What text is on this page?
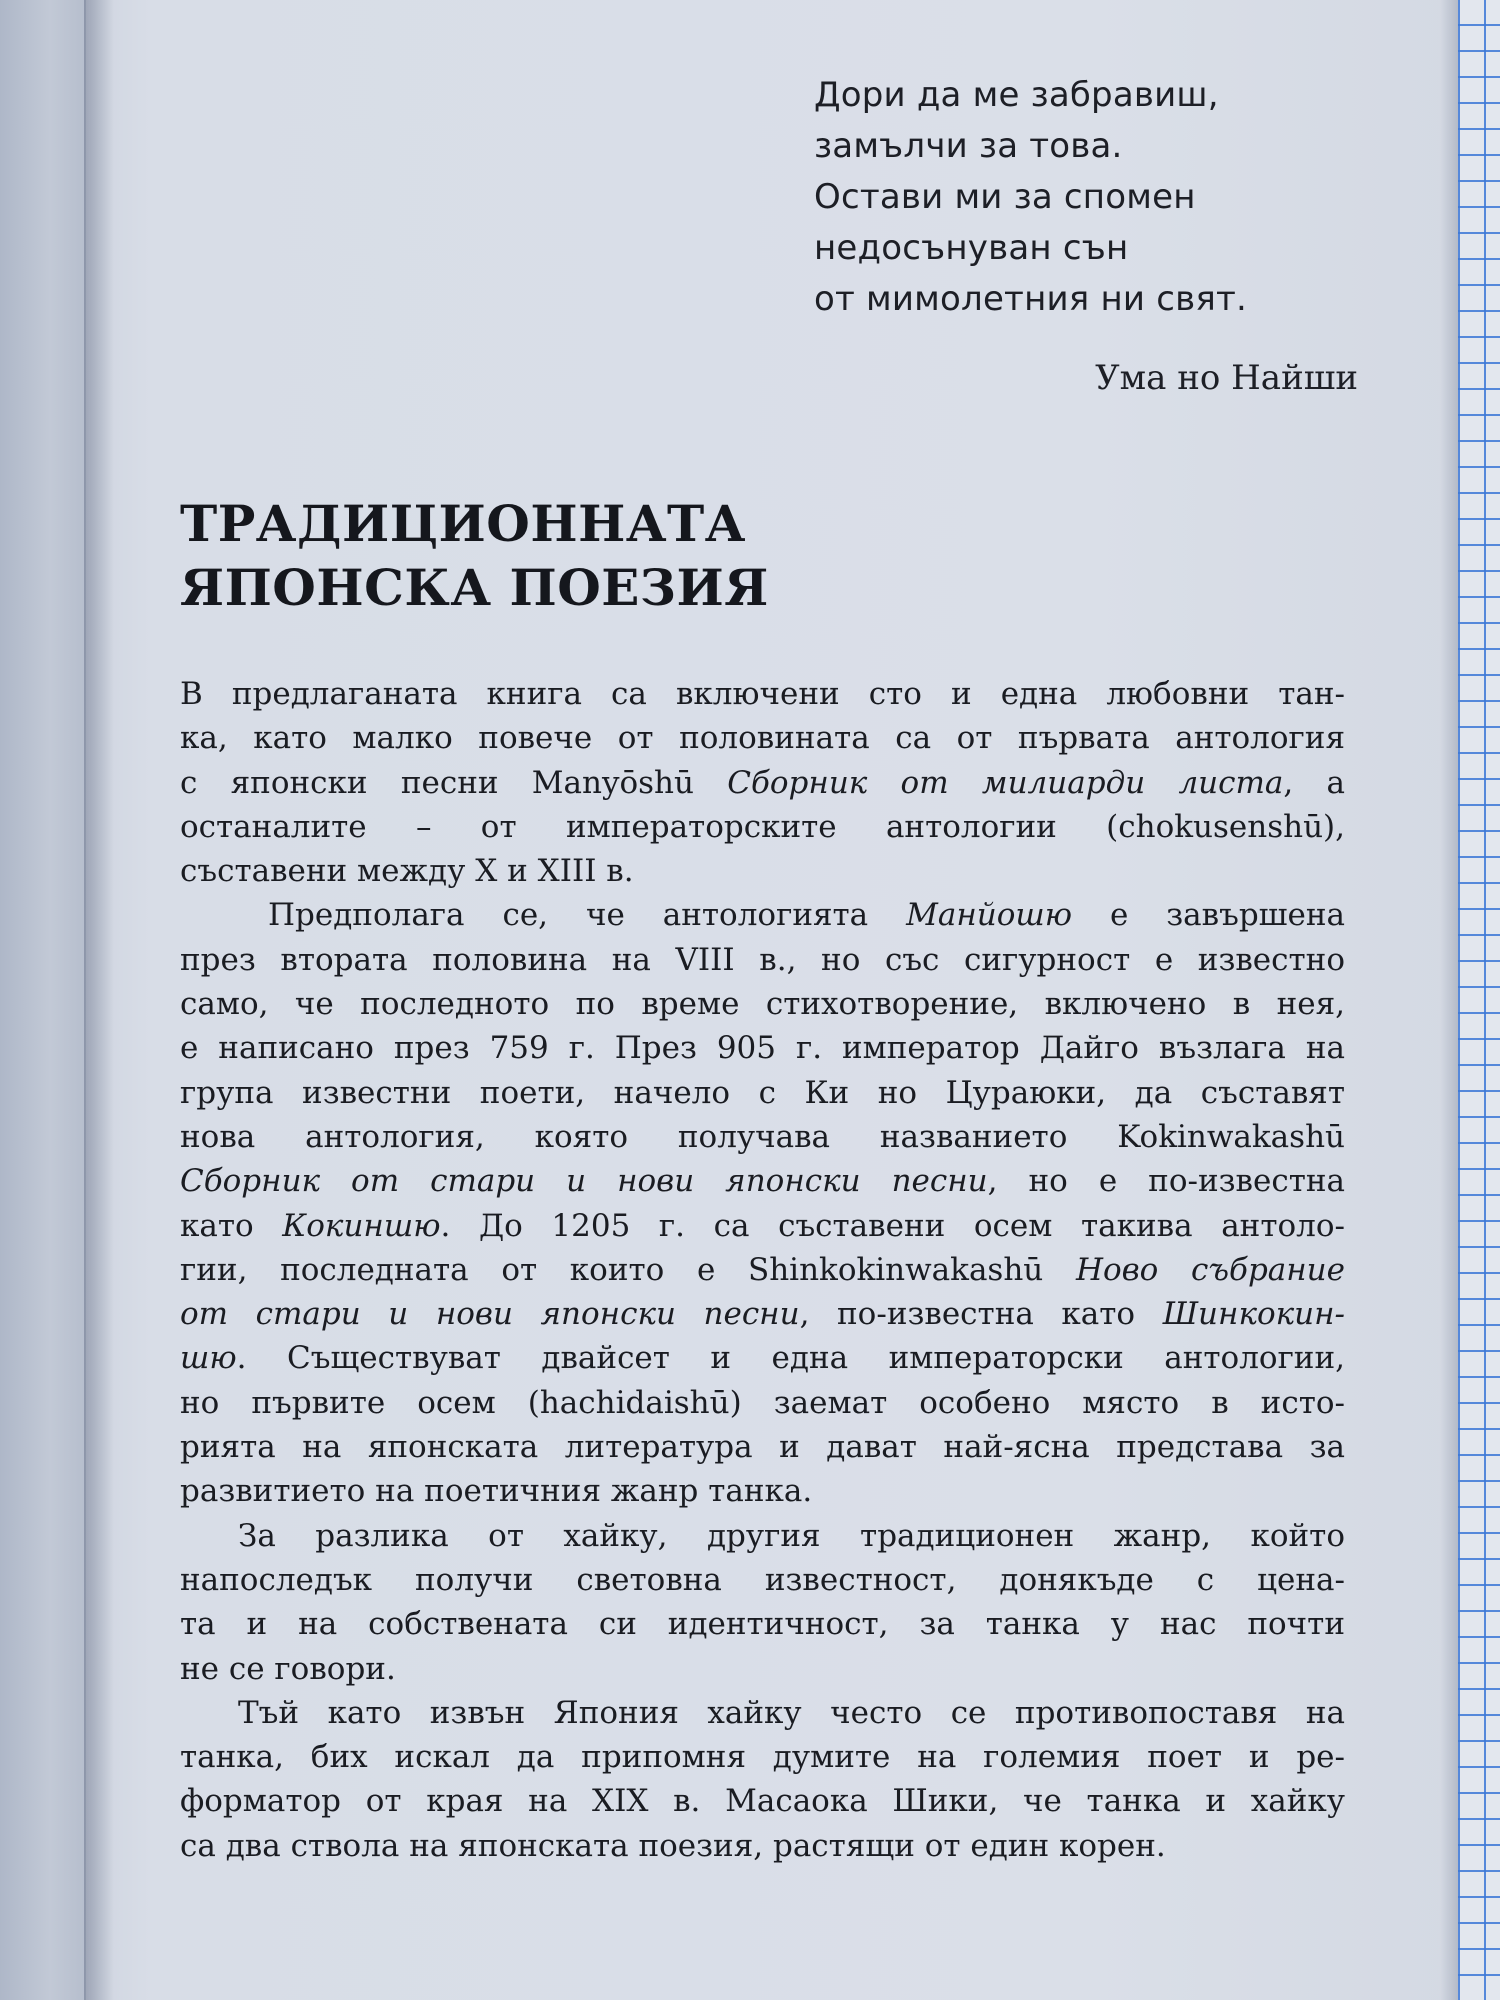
Дори да ме забравиш,
замълчи за това.
Остави ми за спомен
недосънуван сън
от мимолетния ни свят.
Ума но Найши
ТРАДИЦИОННАТА
ЯПОНСКА ПОЕЗИЯ
В предлаганата книга са включени сто и една любовни тан-
ка, като малко повече от половината са от първата антология
с японски песни Manyōshū Сборник от милиарди листа, а
останалите – от императорските антологии (chokusenshū),
съставени между X и XIII в.
Предполага се, че антологията Манйошю е завършена
през втората половина на VIII в., но със сигурност е известно
само, че последното по време стихотворение, включено в нея,
е написано през 759 г. През 905 г. император Дайго възлага на
група известни поети, начело с Ки но Цураюки, да съставят
нова антология, която получава названието Kokinwakashū
Сборник от стари и нови японски песни, но е по-известна
като Кокиншю. До 1205 г. са съставени осем такива антоло-
гии, последната от които е Shinkokinwakashū Ново събрание
от стари и нови японски песни, по-известна като Шинкокин-
шю. Съществуват двайсет и една императорски антологии,
но първите осем (hachidaishū) заемат особено място в исто-
рията на японската литература и дават най-ясна представа за
развитието на поетичния жанр танка.
За разлика от хайку, другия традиционен жанр, който
напоследък получи световна известност, донякъде с цена-
та и на собствената си идентичност, за танка у нас почти
не се говори.
Тъй като извън Япония хайку често се противопоставя на
танка, бих искал да припомня думите на големия поет и ре-
форматор от края на XIX в. Масаока Шики, че танка и хайку
са два ствола на японската поезия, растящи от един корен.
